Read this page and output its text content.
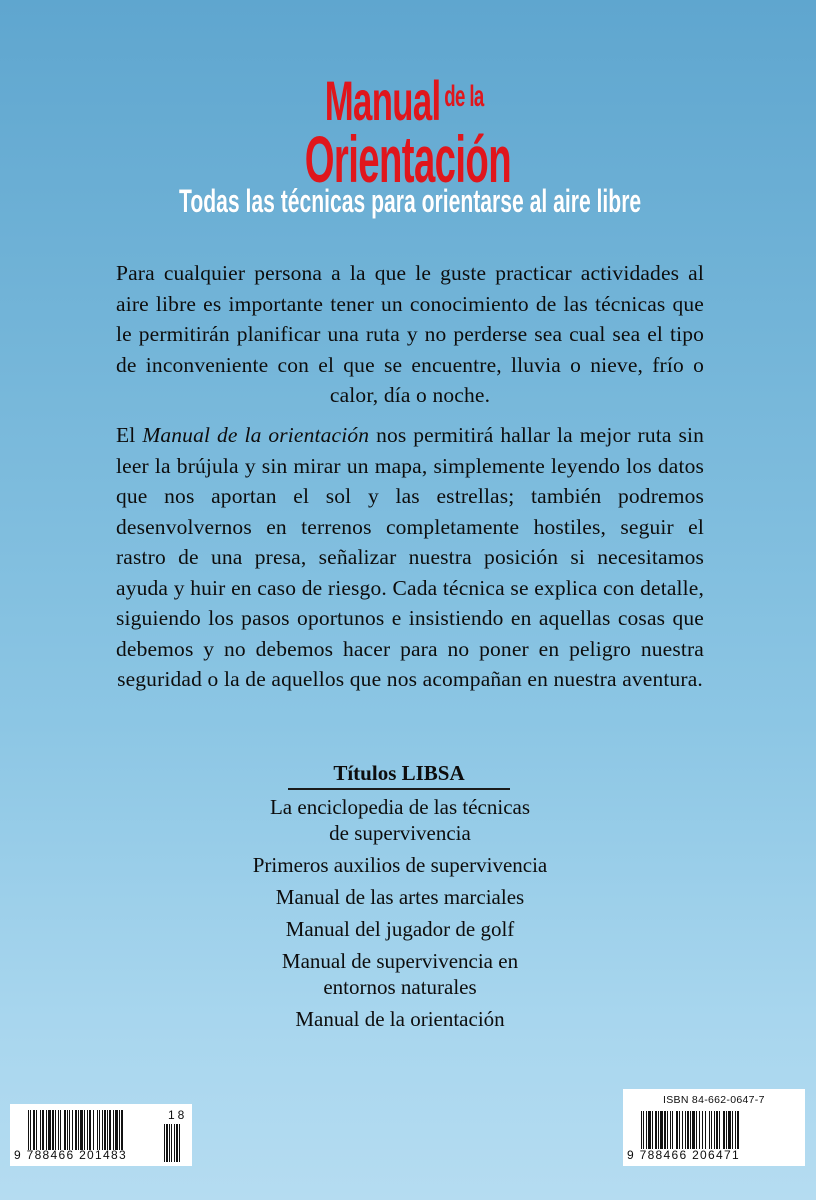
Manual $^{de la}$
Orientación
Todas las técnicas para orientarse al aire libre
Para cualquier persona a la que le guste practicar actividades al aire libre es importante tener un conocimiento de las técnicas que le permitirán planificar una ruta y no perderse sea cual sea el tipo de inconveniente con el que se encuentre, lluvia o nieve, frío o calor, día o noche.
El Manual de la orientación nos permitirá hallar la mejor ruta sin leer la brújula y sin mirar un mapa, simplemente leyendo los datos que nos aportan el sol y las estrellas; también podremos desenvolvernos en terrenos completamente hostiles, seguir el rastro de una presa, señalizar nuestra posición si necesitamos ayuda y huir en caso de riesgo. Cada técnica se explica con detalle, siguiendo los pasos oportunos e insistiendo en aquellas cosas que debemos y no debemos hacer para no poner en peligro nuestra seguridad o la de aquellos que nos acompañan en nuestra aventura.
Títulos LIBSA
La enciclopedia de las técnicas
de supervivencia
Primeros auxilios de supervivencia
Manual de las artes marciales
Manual del jugador de golf
Manual de supervivencia en
entornos naturales
Manual de la orientación
9 788466 201483
18
ISBN 84-662-0647-7
9 788466 206471
